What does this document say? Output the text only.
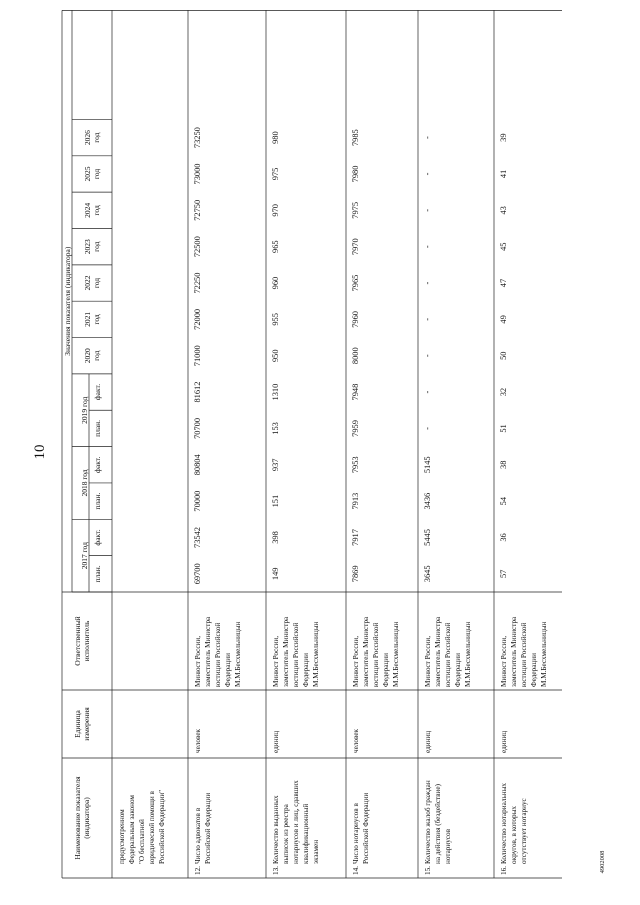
10
4902008
Наименование показателя (индикатора)
Единица измерения
Ответственный исполнитель
Значения показателя (индикатора)
2017 год
план.
факт.
2018 год
план.
факт.
2019 год
план.
факт.
2020 год
2021 год
2022 год
2023 год
2024 год
2025 год
2026 год
предусмотренном Федеральным законом "О бесплатной юридической помощи в Российской Федерации"
12.
Число адвокатов в Российской Федерации
человек
Минюст России, заместитель Министра юстиции Российской Федерации М.М.Бесхмельницын
69700
73542
70000
80804
70700
81612
71000
72000
72250
72500
72750
73000
73250
13.
Количество выданных выписок из реестра нотариусов и лиц, сдавших квалификационный экзамен
единиц
Минюст России, заместитель Министра юстиции Российской Федерации М.М.Бесхмельницын
149
398
151
937
153
1310
950
955
960
965
970
975
980
14.
Число нотариусов в Российской Федерации
человек
Минюст России, заместитель Министра юстиции Российской Федерации М.М.Бесхмельницын
7869
7917
7913
7953
7959
7948
8000
7960
7965
7970
7975
7980
7985
15.
Количество жалоб граждан на действия (бездействие) нотариусов
единиц
Минюст России, заместитель Министра юстиции Российской Федерации М.М.Бесхмельницын
3645
5445
3436
5145
-
-
-
-
-
-
-
-
-
16.
Количество нотариальных округов, в которых отсутствует нотариус
единиц
Минюст России, заместитель Министра юстиции Российской Федерации М.М.Бесхмельницын
57
36
54
38
51
32
50
49
47
45
43
41
39
